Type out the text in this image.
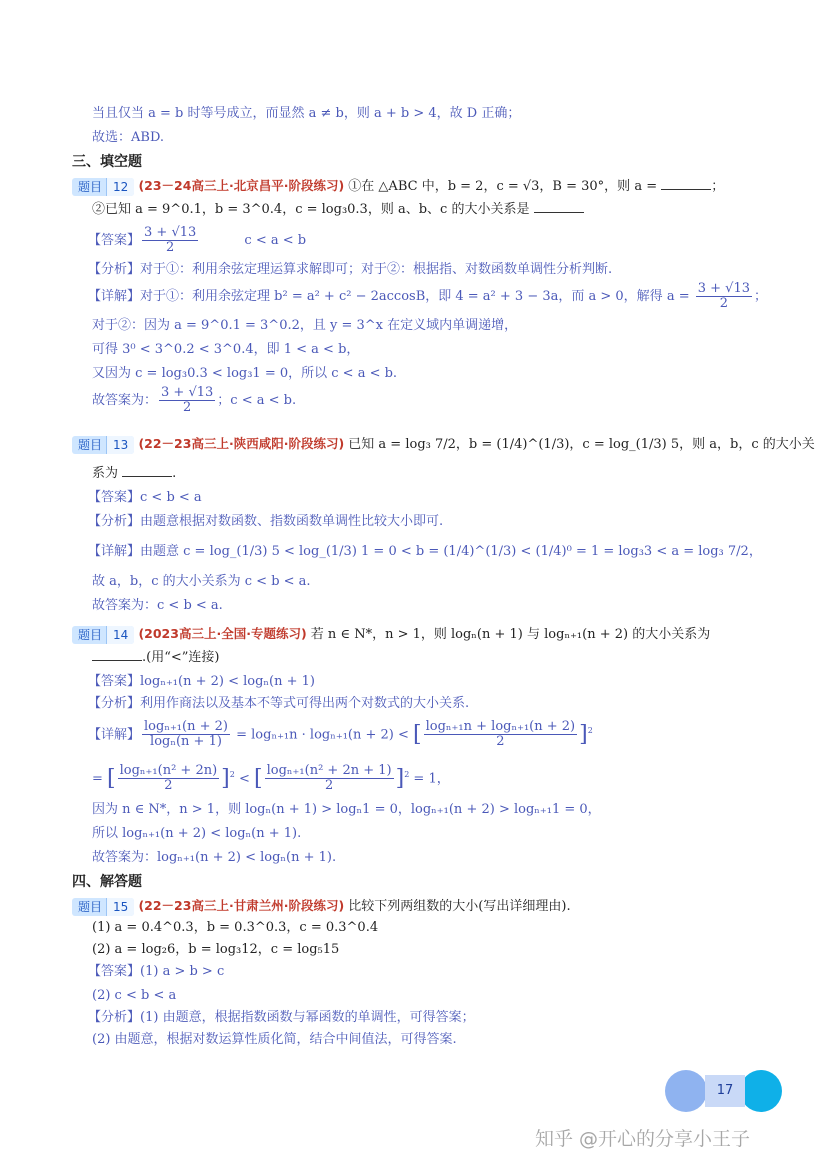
当且仅当 a = b 时等号成立，而显然 a ≠ b，则 a + b > 4，故 D 正确；
故选：ABD.
三、填空题
题目 12 (23－24高三上·北京昌平·阶段练习) ①在 △ABC 中，b = 2，c = √3，B = 30°，则 a =	；
②已知 a = 9^0.1，b = 3^0.4，c = log₃0.3，则 a、b、c 的大小关系是
【答案】 $\frac{3 + √13}{2}$	c < a < b
【分析】对于①：利用余弦定理运算求解即可；对于②：根据指、对数函数单调性分析判断.
【详解】对于①：利用余弦定理 b² = a² + c² − 2accosB，即 4 = a² + 3 − 3a，而 a > 0，解得 $a = \frac{3 + √13}{2}$ ；
对于②：因为 a = 9^0.1 = 3^0.2，且 y = 3^x 在定义域内单调递增，
可得 3⁰ < 3^0.2 < 3^0.4，即 1 < a < b，
又因为 c = log₃0.3 < log₃1 = 0，所以 c < a < b.
故答案为： $\frac{3 + √13}{2}$ ；c < a < b.
题目 13 (22－23高三上·陕西咸阳·阶段练习) 已知 a = log₃ 7/2，b = (1/4)^(1/3)，c = log_(1/3) 5，则 a，b，c 的大小关
系为	.
【答案】c < b < a
【分析】由题意根据对数函数、指数函数单调性比较大小即可.
【详解】由题意 c = log_(1/3) 5 < log_(1/3) 1 = 0 < b = (1/4)^(1/3) < (1/4)⁰ = 1 = log₃3 < a = log₃ 7/2，
故 a，b，c 的大小关系为 c < b < a.
故答案为：c < b < a.
题目 14 (2023高三上·全国·专题练习) 若 n ∈ N*，n > 1，则 logₙ(n + 1) 与 logₙ₊₁(n + 2) 的大小关系为
.(用“<”连接)
【答案】logₙ₊₁(n + 2) < logₙ(n + 1)
【分析】利用作商法以及基本不等式可得出两个对数式的大小关系.
【详解】 $\frac{\text{logₙ₊₁(n + 2)}}{\text{logₙ(n + 1)}} = \log_{n+1}n \cdot \log_{n+1}(n + 2)$ < [ $\frac{\text{logₙ₊₁n + logₙ₊₁(n + 2)}}{2} ]^2$
= [ $\frac{\text{logₙ₊₁(n² + 2n)}}{2} ]^2$ < [ $\frac{\text{logₙ₊₁(n² + 2n + 1)}}{2} ]^2 = 1$，
因为 n ∈ N*，n > 1，则 logₙ(n + 1) > logₙ1 = 0，logₙ₊₁(n + 2) > logₙ₊₁1 = 0，
所以 logₙ₊₁(n + 2) < logₙ(n + 1).
故答案为：logₙ₊₁(n + 2) < logₙ(n + 1).
四、解答题
题目 15 (22－23高三上·甘肃兰州·阶段练习) 比较下列两组数的大小(写出详细理由).
(1) a = 0.4^0.3，b = 0.3^0.3，c = 0.3^0.4
(2) a = log₂6，b = log₃12，c = log₅15
【答案】(1) a > b > c
(2) c < b < a
【分析】(1) 由题意，根据指数函数与幂函数的单调性，可得答案；
(2) 由题意，根据对数运算性质化简，结合中间值法，可得答案.
17
知乎 @开心的分享小王子
